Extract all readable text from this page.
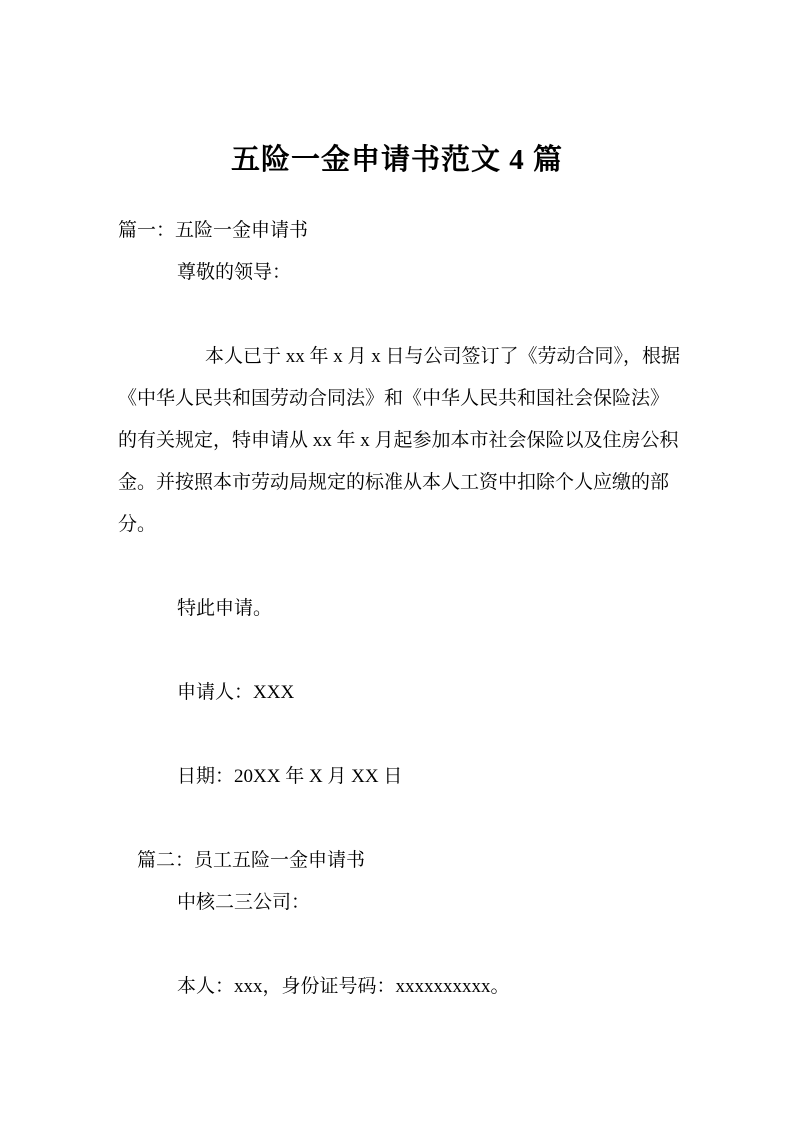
五险一金申请书范文 4 篇
篇一：五险一金申请书
尊敬的领导：
本人已于 xx 年 x 月 x 日与公司签订了《劳动合同》，根据
《中华人民共和国劳动合同法》和《中华人民共和国社会保险法》
的有关规定，特申请从 xx 年 x 月起参加本市社会保险以及住房公积
金。并按照本市劳动局规定的标准从本人工资中扣除个人应缴的部
分。
特此申请。
申请人：XXX
日期：20XX 年 X 月 XX 日
篇二：员工五险一金申请书
中核二三公司：
本人：xxx，身份证号码：xxxxxxxxxx。
